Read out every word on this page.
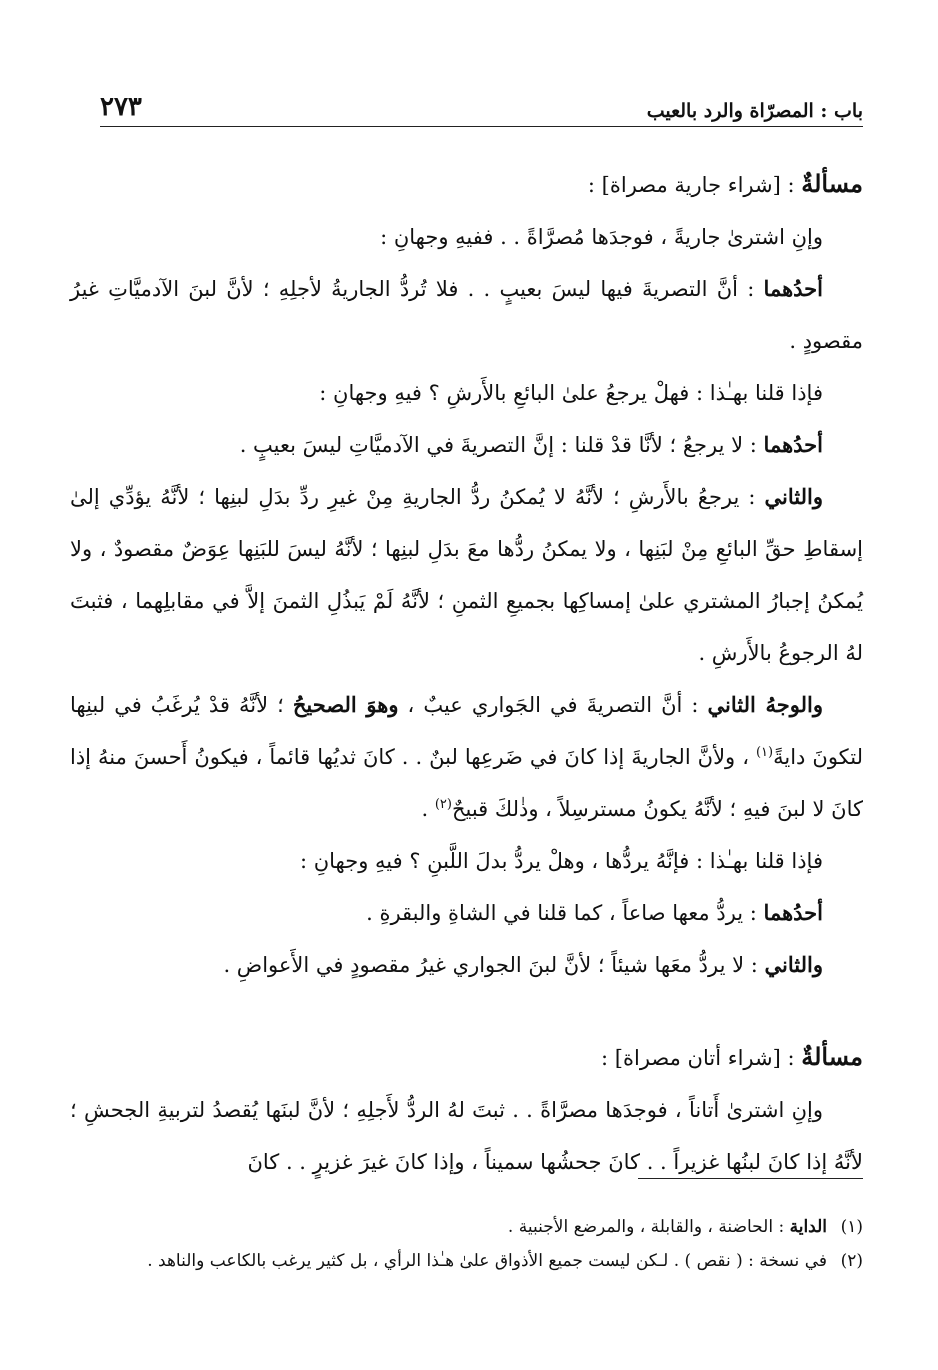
باب : المصرّاة والرد بالعيب
٢٧٣

مسألةٌ : [شراء جارية مصراة] :

وإنِ اشترىٰ جاريةً ، فوجدَها مُصرَّاةً . . ففيهِ وجهانِ :

أحدُهما : أنَّ التصريةَ فيها ليسَ بعيبٍ . . فلا تُردُّ الجاريةُ لأجلِهِ ؛ لأنَّ لبنَ الآدميَّاتِ غيرُ مقصودٍ .

فإذا قلنا بهـٰذا : فهلْ يرجعُ علىٰ البائعِ بالأَرشِ ؟ فيهِ وجهانِ :

أحدُهما : لا يرجعُ ؛ لأنَّا قدْ قلنا : إنَّ التصريةَ في الآدميَّاتِ ليسَ بعيبٍ .

والثاني : يرجعُ بالأَرشِ ؛ لأنَّهُ لا يُمكنُ ردُّ الجاريةِ مِنْ غيرِ ردِّ بدَلِ لبنِها ؛ لأنَّهُ يؤدِّي إلىٰ إسقاطِ حقِّ البائعِ مِنْ لبَنِها ، ولا يمكنُ ردُّها معَ بدَلِ لبنِها ؛ لأنَّهُ ليسَ للبَنِها عِوَضٌ مقصودٌ ، ولا يُمكنُ إجبارُ المشتري علىٰ إمساكِها بجميعِ الثمنِ ؛ لأنَّهُ لَمْ يَبذُلِ الثمنَ إلاَّ في مقابلِهما ، فثبتَ لهُ الرجوعُ بالأَرشِ .

والوجهُ الثاني : أنَّ التصريةَ في الجَواري عيبٌ ، وهوَ الصحيحُ ؛ لأنَّهُ قدْ يُرغَبُ في لبنِها لتكونَ دايةً$^{(١)}$ ، ولأنَّ الجاريةَ إذا كانَ في ضَرعِها لبنٌ . . كانَ ثديُها قائماً ، فيكونُ أَحسنَ منهُ إذا كانَ لا لبنَ فيهِ ؛ لأنَّهُ يكونُ مسترسِلاً ، وذٰلكَ قبيحٌ$^{(٢)}$ .

فإذا قلنا بهـٰذا : فإنَّهُ يردُّها ، وهلْ يردُّ بدلَ اللَّبنِ ؟ فيهِ وجهانِ :

أحدُهما : يردُّ معها صاعاً ، كما قلنا في الشاةِ والبقرةِ .

والثاني : لا يردُّ معَها شيئاً ؛ لأنَّ لبنَ الجواري غيرُ مقصودٍ في الأَعواضِ .

مسألةٌ : [شراء أتان مصراة] :

وإنِ اشترىٰ أَتاناً ، فوجدَها مصرَّاةً . . ثبتَ لهُ الردُّ لأَجلِهِ ؛ لأنَّ لبنَها يُقصدُ لتربيةِ الجحشِ ؛ لأنَّهُ إذا كانَ لبنُها غزيراً . . كانَ جحشُها سميناً ، وإذا كانَ غيرَ غزيرٍ . . كانَ

(١)الداية : الحاضنة ، والقابلة ، والمرضع الأجنبية .

(٢)في نسخة : ( نقص ) . لـكن ليست جميع الأذواق علىٰ هـٰذا الرأي ، بل كثير يرغب بالكاعب والناهد .
